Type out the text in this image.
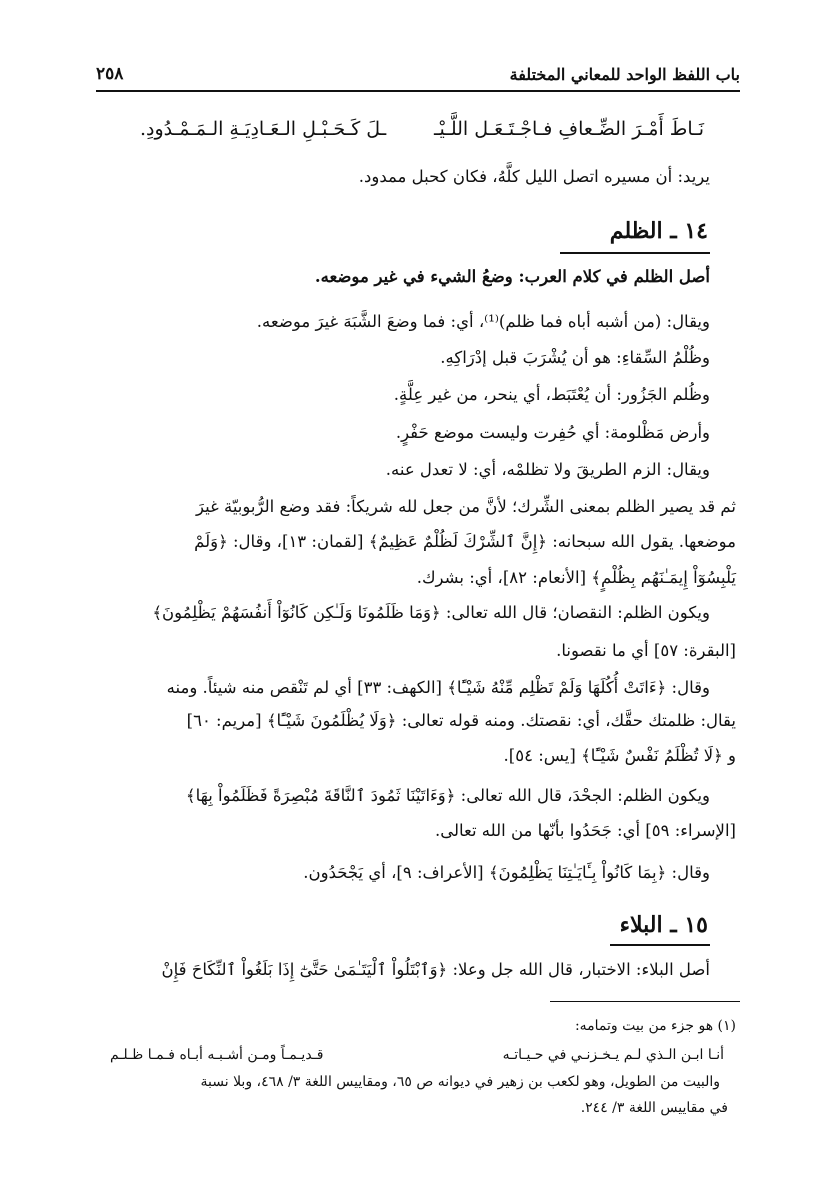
باب اللفظ الواحد للمعاني المختلفة
٢٥٨
نَـاطَ أَمْـرَ الضِّـعافِ فـاجْـتَـعَـل اللَّـيْـ
ـلَ كَـحَـبْـلِ الـعَـادِيَـةِ الـمَـمْـدُودِ.
يريد: أن مسيره اتصل الليل كلَّهُ، فكان كحبل ممدود.
١٤ ـ الظلم
أصل الظلم في كلام العرب: وضعُ الشيء في غير موضعه.
ويقال: (من أشبه أباه فما ظلم)⁽¹⁾، أي: فما وضعَ الشَّبَهَ غيرَ موضعه.
وظُلْمُ السِّقاءِ: هو أن يُشْرَبَ قبل إدْرَاكِهِ.
وظُلم الجَزُور: أن يُعْتَبَط، أي ينحر، من غير عِلَّةٍ.
وأرض مَظْلومة: أي حُفِرت وليست موضع حَفْرٍ.
ويقال: الزم الطريقَ ولا تظلمْه، أي: لا تعدل عنه.
ثم قد يصير الظلم بمعنى الشِّرك؛ لأنَّ من جعل لله شريكاً: فقد وضع الرُّبوبيّة غيرَ
موضعها. يقول الله سبحانه: ﴿إِنَّ ٱلشِّرْكَ لَظُلْمٌ عَظِيمٌ﴾ [لقمان: ١٣]، وقال: ﴿وَلَمْ
يَلْبِسُوٓاْ إِيمَـٰنَهُم بِظُلْمٍ﴾ [الأنعام: ٨٢]، أي: بشرك.
ويكون الظلم: النقصان؛ قال الله تعالى: ﴿وَمَا ظَلَمُونَا وَلَـٰكِن كَانُوٓاْ أَنفُسَهُمْ يَظْلِمُونَ﴾
[البقرة: ٥٧] أي ما نقصونا.
وقال: ﴿ءَاتَتْ أُكُلَهَا وَلَمْ تَظْلِم مِّنْهُ شَيْـًٔا﴾ [الكهف: ٣٣] أي لم تَنْقص منه شيئاً. ومنه
يقال: ظلمتك حقَّك، أي: نقصتك. ومنه قوله تعالى: ﴿وَلَا يُظْلَمُونَ شَيْـًٔا﴾ [مريم: ٦٠]
و ﴿لَا تُظْلَمُ نَفْسٌ شَيْـًٔا﴾ [يس: ٥٤].
ويكون الظلم: الجحْدَ، قال الله تعالى: ﴿وَءَاتَيْنَا ثَمُودَ ٱلنَّاقَةَ مُبْصِرَةً فَظَلَمُواْ بِهَا﴾
[الإسراء: ٥٩] أي: جَحَدُوا بأنّها من الله تعالى.
وقال: ﴿بِمَا كَانُواْ بِـَٔايَـٰتِنَا يَظْلِمُونَ﴾ [الأعراف: ٩]، أي يَجْحَدُون.
١٥ ـ البلاء
أصل البلاء: الاختبار، قال الله جل وعلا: ﴿وَٱبْتَلُواْ ٱلْيَتَـٰمَىٰ حَتَّىٰٓ إِذَا بَلَغُواْ ٱلنِّكَاحَ فَإِنْ
(١) هو جزء من بيت وتمامه:
أنـا ابـن الـذي لـم يـخـزنـي في حـيـاتـه
قـديـمـاً ومـن أشـبـه أبـاه فـمـا ظـلـم
والبيت من الطويل، وهو لكعب بن زهير في ديوانه ص ٦٥، ومقاييس اللغة ٣/ ٤٦٨، وبلا نسبة
في مقاييس اللغة ٣/ ٢٤٤.
